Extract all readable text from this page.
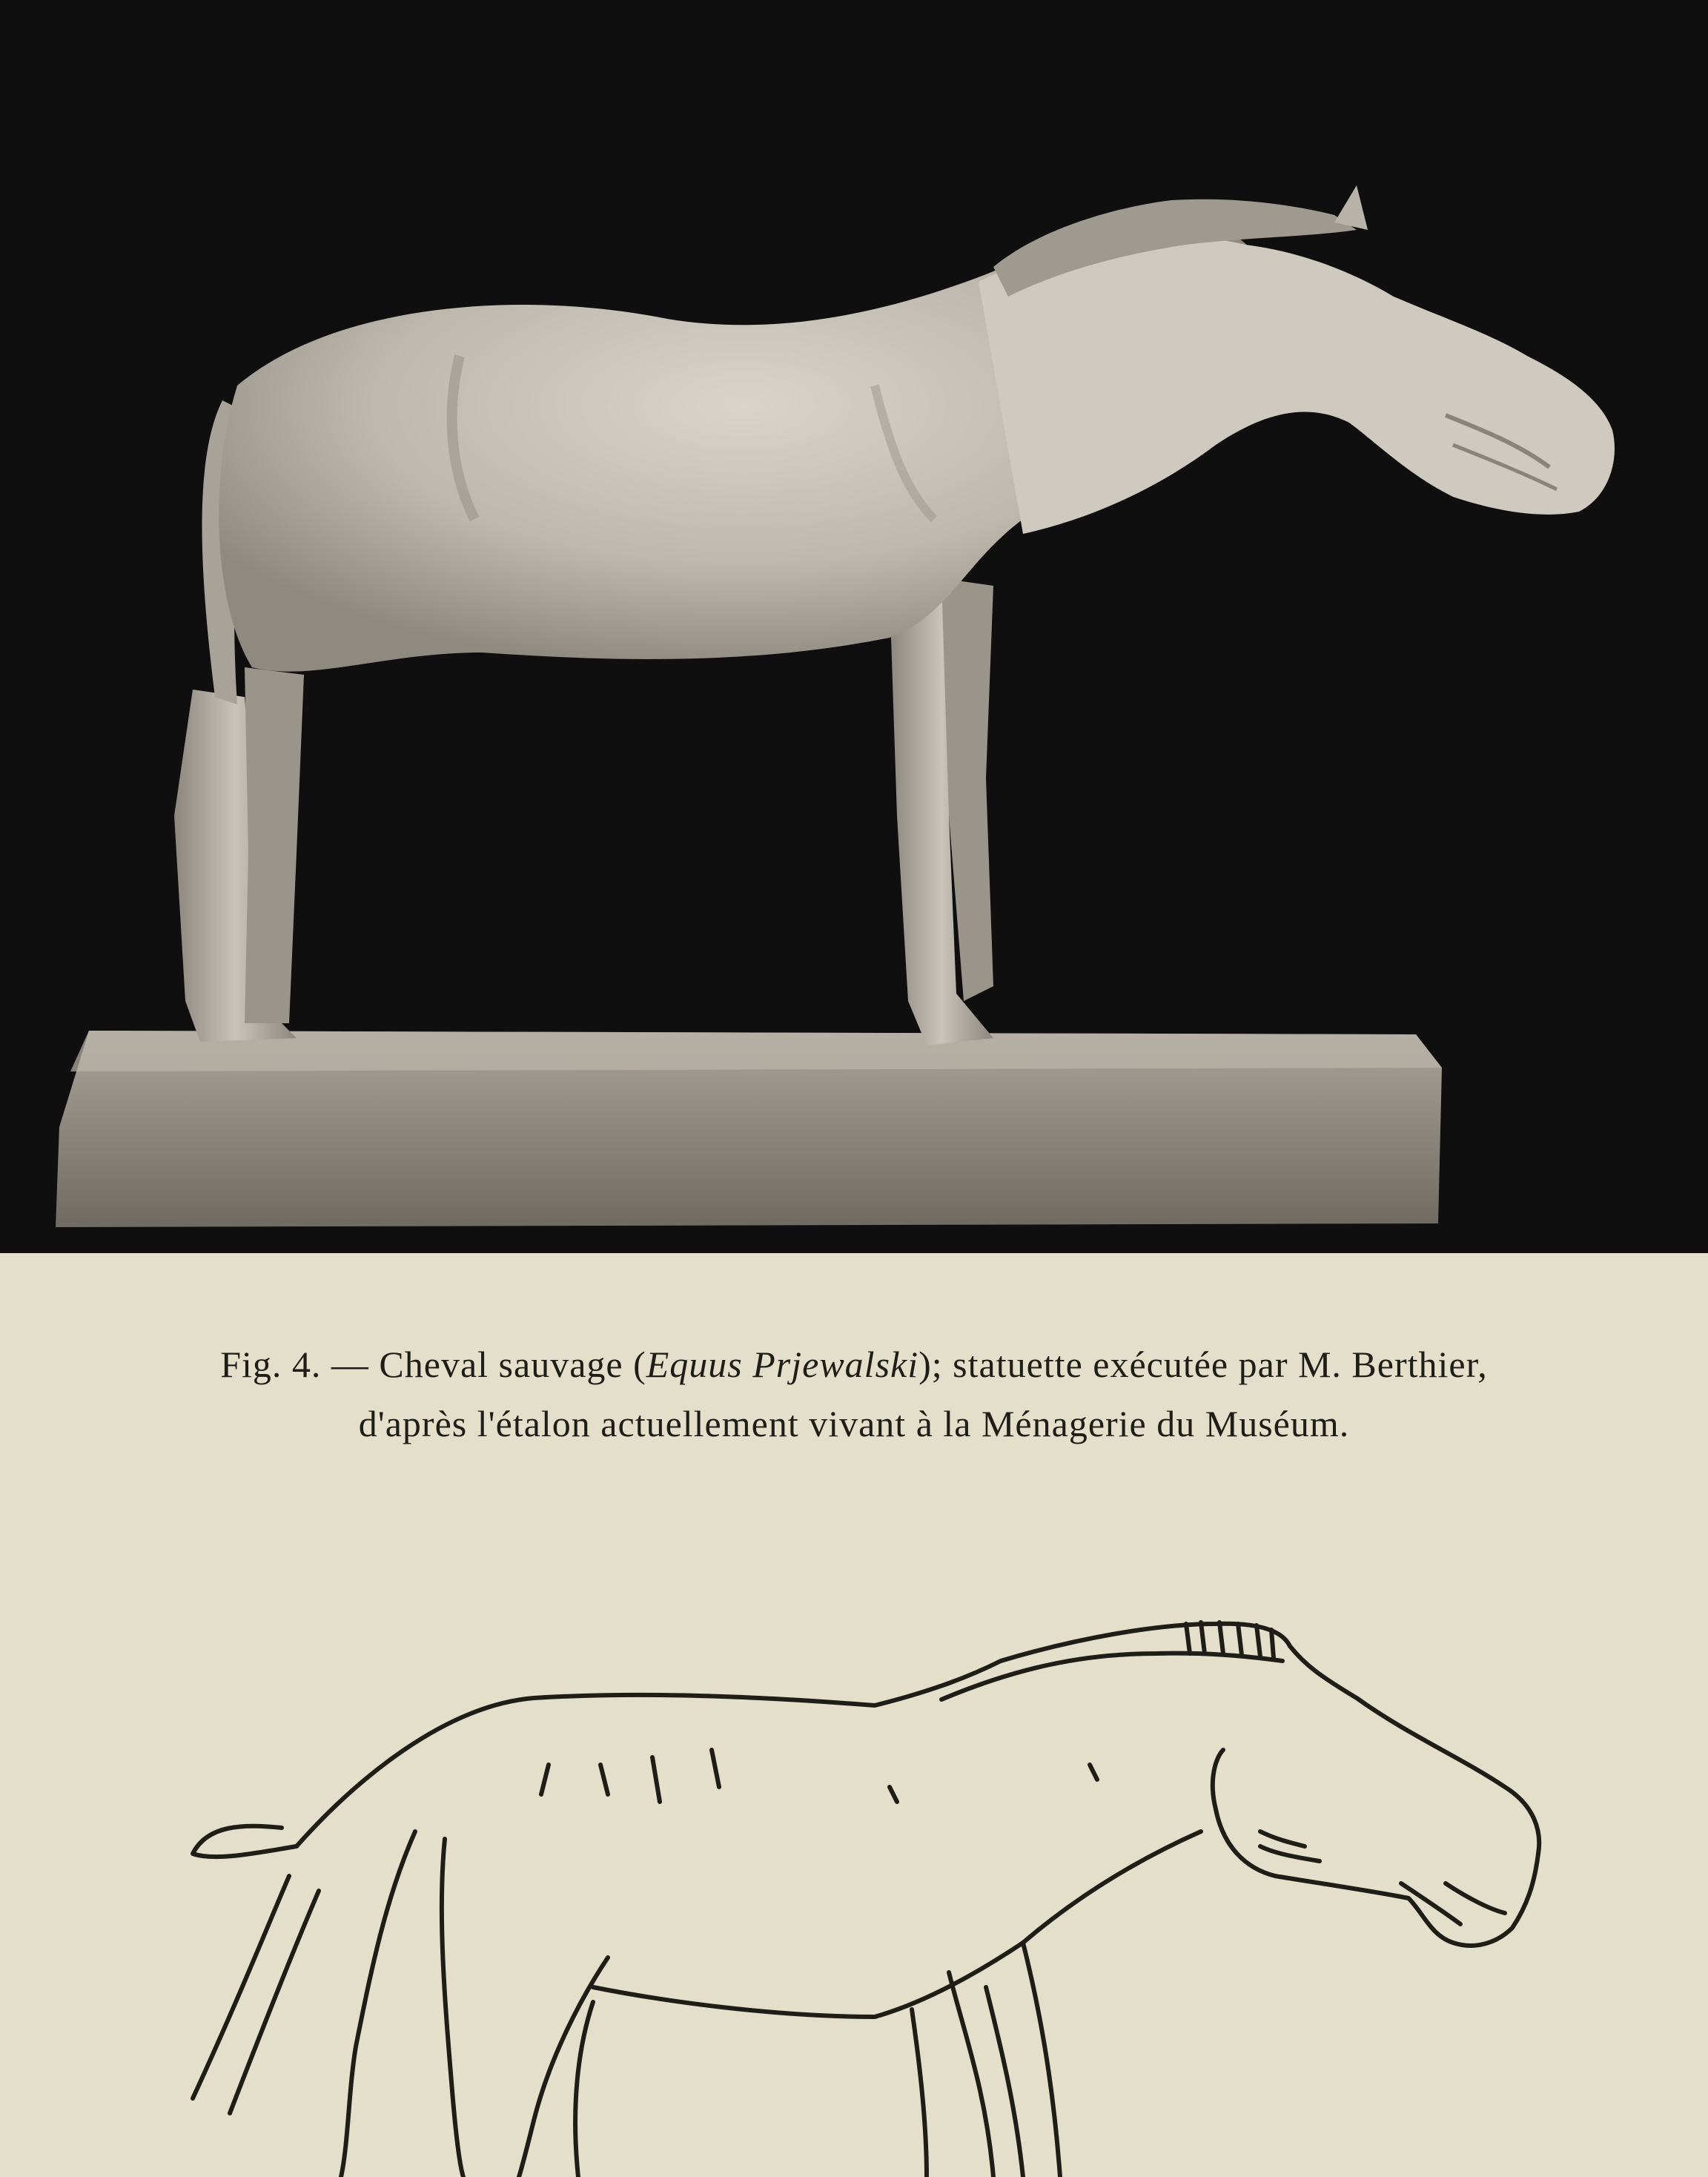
Fig. 4. — Cheval sauvage (Equus Prjewalski); statuette exécutée par M. Berthier,
d'après l'étalon actuellement vivant à la Ménagerie du Muséum.
